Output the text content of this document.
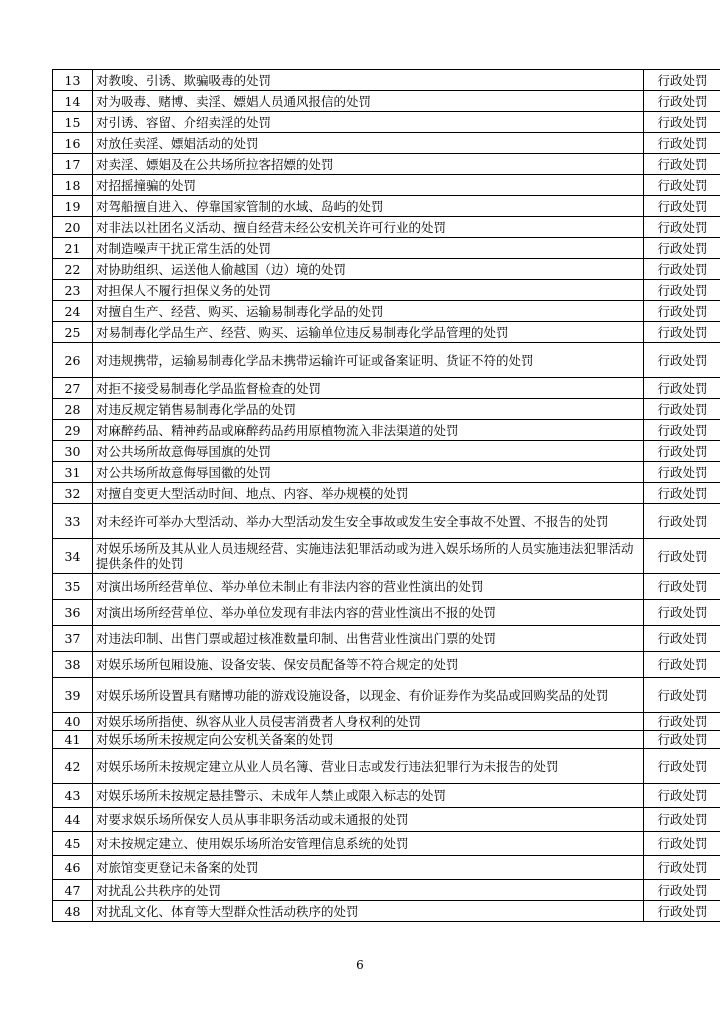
13	对教唆、引诱、欺骗吸毒的处罚	行政处罚
14	对为吸毒、赌博、卖淫、嫖娼人员通风报信的处罚	行政处罚
15	对引诱、容留、介绍卖淫的处罚	行政处罚
16	对放任卖淫、嫖娼活动的处罚	行政处罚
17	对卖淫、嫖娼及在公共场所拉客招嫖的处罚	行政处罚
18	对招摇撞骗的处罚	行政处罚
19	对驾船擅自进入、停靠国家管制的水域、岛屿的处罚	行政处罚
20	对非法以社团名义活动、擅自经营未经公安机关许可行业的处罚	行政处罚
21	对制造噪声干扰正常生活的处罚	行政处罚
22	对协助组织、运送他人偷越国（边）境的处罚	行政处罚
23	对担保人不履行担保义务的处罚	行政处罚
24	对擅自生产、经营、购买、运输易制毒化学品的处罚	行政处罚
25	对易制毒化学品生产、经营、购买、运输单位违反易制毒化学品管理的处罚	行政处罚
26	对违规携带，运输易制毒化学品未携带运输许可证或备案证明、货证不符的处罚	行政处罚
27	对拒不接受易制毒化学品监督检查的处罚	行政处罚
28	对违反规定销售易制毒化学品的处罚	行政处罚
29	对麻醉药品、精神药品或麻醉药品药用原植物流入非法渠道的处罚	行政处罚
30	对公共场所故意侮辱国旗的处罚	行政处罚
31	对公共场所故意侮辱国徽的处罚	行政处罚
32	对擅自变更大型活动时间、地点、内容、举办规模的处罚	行政处罚
33	对未经许可举办大型活动、举办大型活动发生安全事故或发生安全事故不处置、不报告的处罚	行政处罚
34	对娱乐场所及其从业人员违规经营、实施违法犯罪活动或为进入娱乐场所的人员实施违法犯罪活动提供条件的处罚	行政处罚
35	对演出场所经营单位、举办单位未制止有非法内容的营业性演出的处罚	行政处罚
36	对演出场所经营单位、举办单位发现有非法内容的营业性演出不报的处罚	行政处罚
37	对违法印制、出售门票或超过核准数量印制、出售营业性演出门票的处罚	行政处罚
38	对娱乐场所包厢设施、设备安装、保安员配备等不符合规定的处罚	行政处罚
39	对娱乐场所设置具有赌博功能的游戏设施设备，以现金、有价证券作为奖品或回购奖品的处罚	行政处罚
40	对娱乐场所指使、纵容从业人员侵害消费者人身权利的处罚	行政处罚
41	对娱乐场所未按规定向公安机关备案的处罚	行政处罚
42	对娱乐场所未按规定建立从业人员名簿、营业日志或发行违法犯罪行为未报告的处罚	行政处罚
43	对娱乐场所未按规定悬挂警示、未成年人禁止或限入标志的处罚	行政处罚
44	对要求娱乐场所保安人员从事非职务活动或未通报的处罚	行政处罚
45	对未按规定建立、使用娱乐场所治安管理信息系统的处罚	行政处罚
46	对旅馆变更登记未备案的处罚	行政处罚
47	对扰乱公共秩序的处罚	行政处罚
48	对扰乱文化、体育等大型群众性活动秩序的处罚	行政处罚
6
